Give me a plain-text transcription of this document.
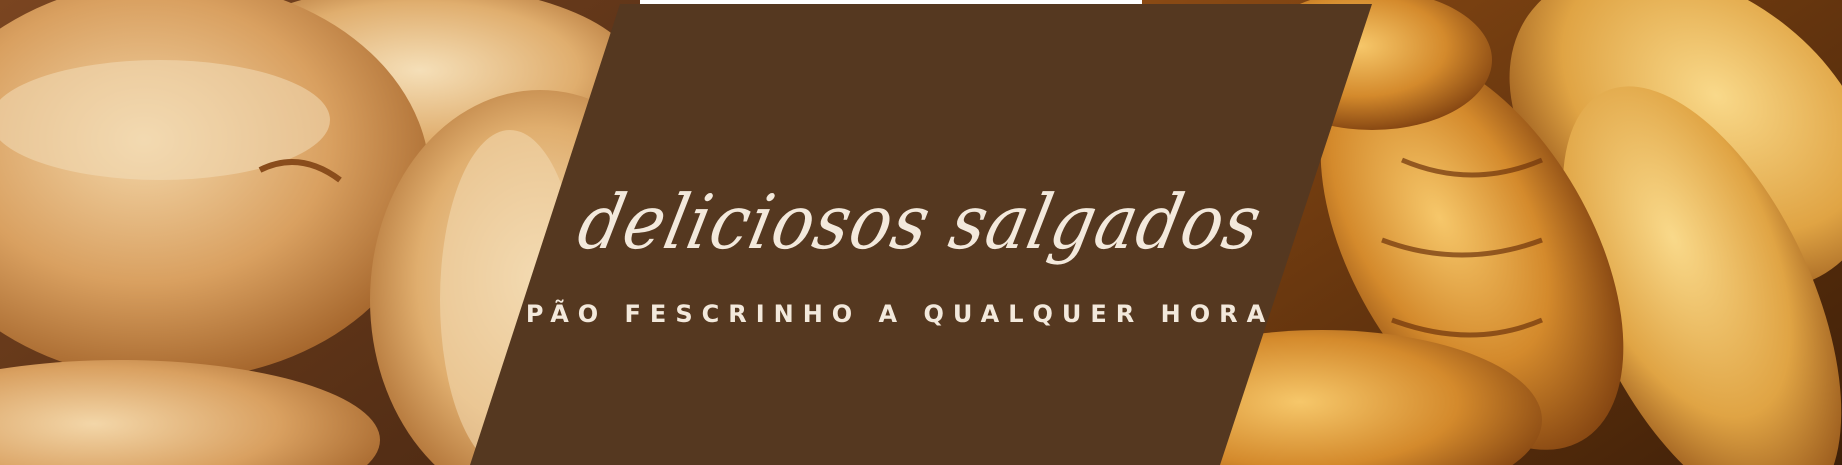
deliciosos salgados
PÃO FESCRINHO A QUALQUER HORA
